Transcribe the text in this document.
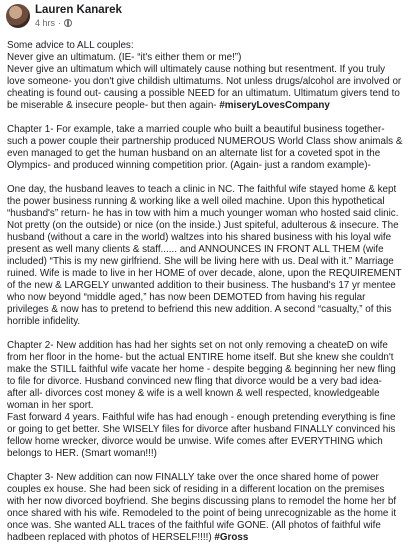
Lauren Kanarek
4 hrs ·

Some advice to ALL couples:
Never give an ultimatum. (IE- “it's either them or me!”)
Never give an ultimatum which will ultimately cause nothing but resentment. If you truly love someone- you don't give childish ultimatums. Not unless drugs/alcohol are involved or cheating is found out- causing a possible NEED for an ultimatum. Ultimatum givers tend to be miserable & insecure people- but then again- #miseryLovesCompany

Chapter 1- For example, take a married couple who built a beautiful business together- such a power couple their partnership produced NUMEROUS World Class show animals & even managed to get the human husband on an alternate list for a coveted spot in the Olympics- and produced winning competition prior. (Again- just a random example)-

One day, the husband leaves to teach a clinic in NC. The faithful wife stayed home & kept the power business running & working like a well oiled machine. Upon this hypothetical “husband's” return- he has in tow with him a much younger woman who hosted said clinic. Not pretty (on the outside) or nice (on the inside.) Just spiteful, adulterous & insecure. The husband (without a care in the world) waltzes into his shared business with his loyal wife present as well many clients & staff...... and ANNOUNCES IN FRONT ALL THEM (wife included) “This is my new girlfriend. She will be living here with us. Deal with it.” Marriage ruined. Wife is made to live in her HOME of over decade, alone, upon the REQUIREMENT of the new & LARGELY unwanted addition to their business. The husband's 17 yr mentee who now beyond “middle aged,” has now been DEMOTED from having his regular privileges & now has to pretend to befriend this new addition. A second “casualty,” of this horrible infidelity.

Chapter 2- New addition has had her sights set on not only removing a cheateD on wife from her floor in the home- but the actual ENTIRE home itself. But she knew she couldn't make the STILL faithful wife vacate her home - despite begging & beginning her new fling to file for divorce. Husband convinced new fling that divorce would be a very bad idea- after all- divorces cost money & wife is a well known & well respected, knowledgeable woman in her sport.
Fast forward 4 years. Faithful wife has had enough - enough pretending everything is fine or going to get better. She WISELY files for divorce after husband FINALLY convinced his fellow home wrecker, divorce would be unwise. Wife comes after EVERYTHING which belongs to HER. (Smart woman!!!)

Chapter 3- New addition can now FINALLY take over the once shared home of power couples ex house. She had been sick of residing in a different location on the premises with her now divorced boyfriend. She begins discussing plans to remodel the home her bf once shared with his wife. Remodeled to the point of being unrecognizable as the home it once was. She wanted ALL traces of the faithful wife GONE. (All photos of faithful wife hadbeen replaced with photos of HERSELF!!!!) #Gross
